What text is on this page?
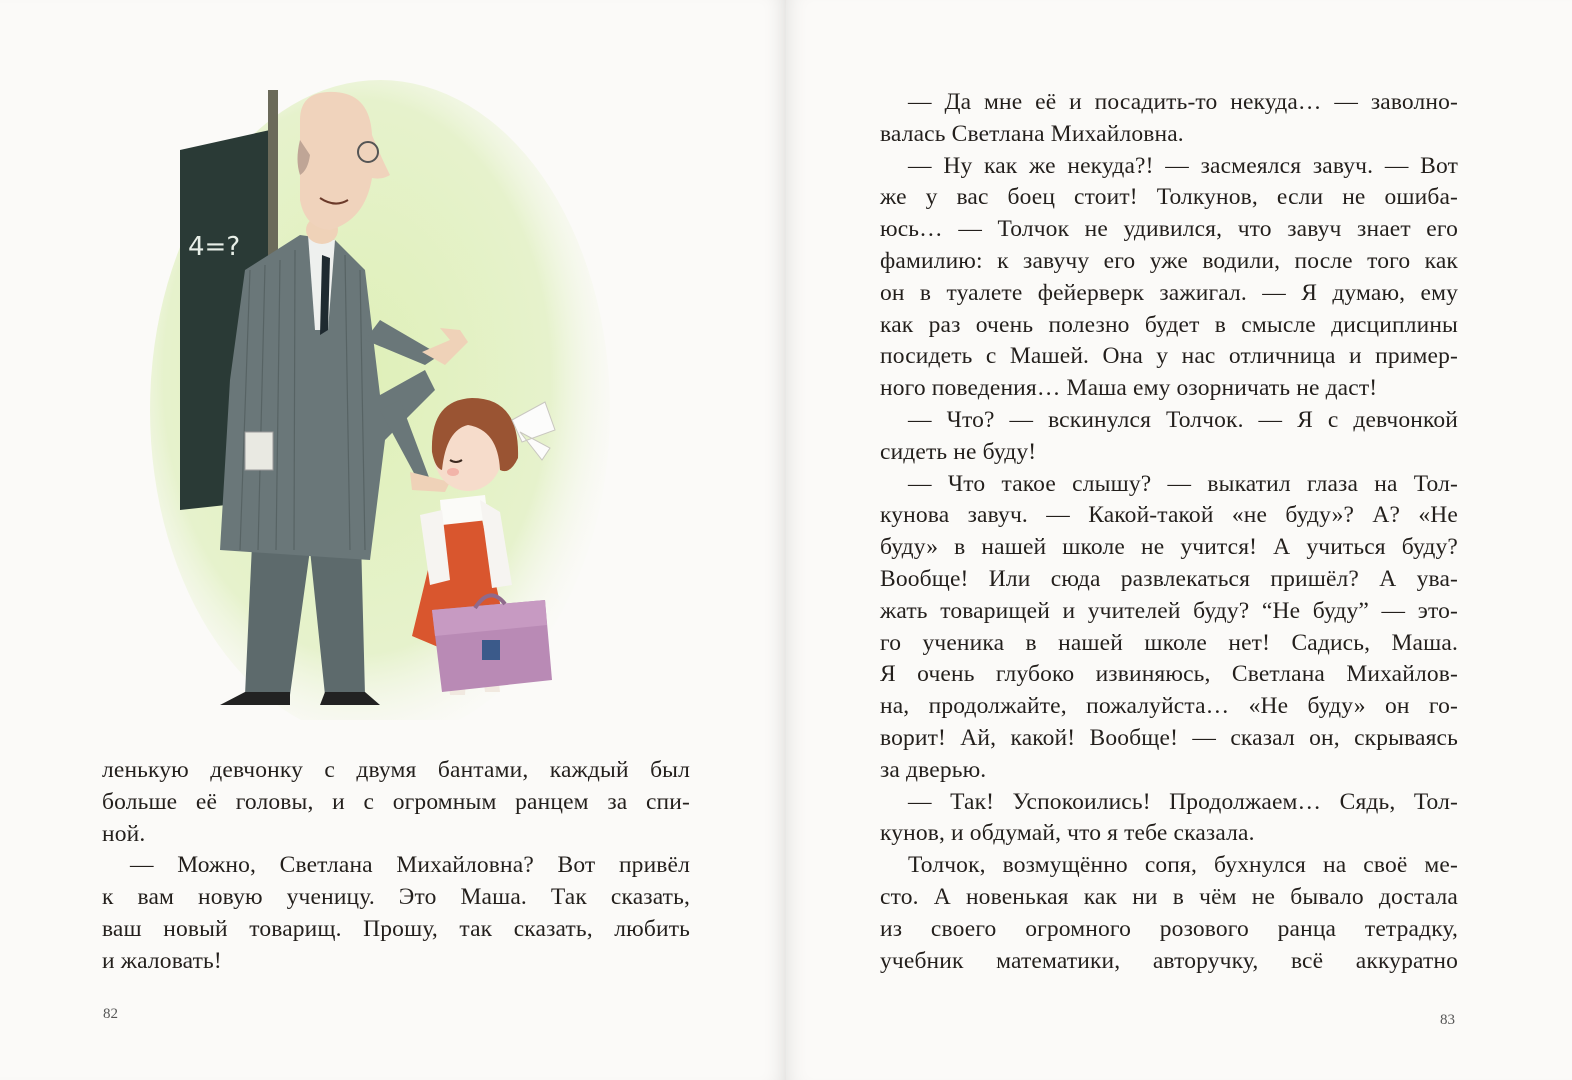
4=?
ленькую девчонку с двумя бантами, каждый был
больше её головы, и с огромным ранцем за спи-
ной.
— Можно, Светлана Михайловна? Вот привёл
к вам новую ученицу. Это Маша. Так сказать,
ваш новый товарищ. Прошу, так сказать, любить
и жаловать!
82	83
— Да мне её и посадить-то некуда… — заволно-
валась Светлана Михайловна.
— Ну как же некуда?! — засмеялся завуч. — Вот
же у вас боец стоит! Толкунов, если не ошиба-
юсь… — Толчок не удивился, что завуч знает его
фамилию: к завучу его уже водили, после того как
он в туалете фейерверк зажигал. — Я думаю, ему
как раз очень полезно будет в смысле дисциплины
посидеть с Машей. Она у нас отличница и пример-
ного поведения… Маша ему озорничать не даст!
— Что? — вскинулся Толчок. — Я с девчонкой
сидеть не буду!
— Что такое слышу? — выкатил глаза на Тол-
кунова завуч. — Какой-такой «не буду»? А? «Не
буду» в нашей школе не учится! А учиться буду?
Вообще! Или сюда развлекаться пришёл? А ува-
жать товарищей и учителей буду? “Не буду” — это-
го ученика в нашей школе нет! Садись, Маша.
Я очень глубоко извиняюсь, Светлана Михайлов-
на, продолжайте, пожалуйста… «Не буду» он го-
ворит! Ай, какой! Вообще! — сказал он, скрываясь
за дверью.
— Так! Успокоились! Продолжаем… Сядь, Тол-
кунов, и обдумай, что я тебе сказала.
Толчок, возмущённо сопя, бухнулся на своё ме-
сто. А новенькая как ни в чём не бывало достала
из своего огромного розового ранца тетрадку,
учебник математики, авторучку, всё аккуратно
